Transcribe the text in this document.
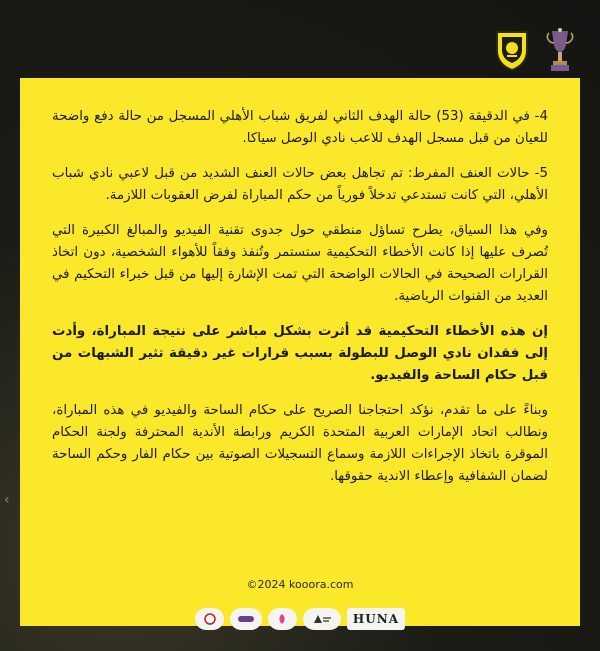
‹

4- في الدقيقة (53) حالة الهدف الثاني لفريق شباب الأهلي المسجل من حالة دفع واضحة للعيان من قبل مسجل الهدف للاعب نادي الوصل سياكا.

5- حالات العنف المفرط: تم تجاهل بعض حالات العنف الشديد من قبل لاعبي نادي شباب الأهلي، التي كانت تستدعي تدخلاً فورياً من حكم المباراة لفرض العقوبات اللازمة.

وفي هذا السياق، يطرح تساؤل منطقي حول جدوى تقنية الفيديو والمبالغ الكبيرة التي تُصرف عليها إذا كانت الأخطاء التحكيمية ستستمر وتُنفذ وفقاً للأهواء الشخصية، دون اتخاذ القرارات الصحيحة في الحالات الواضحة التي تمت الإشارة إليها من قبل خبراء التحكيم في العديد من القنوات الرياضية.

إن هذه الأخطاء التحكيمية قد أثرت بشكل مباشر على نتيجة المباراة، وأدت إلى فقدان نادي الوصل للبطولة بسبب قرارات غير دقيقة تثير الشبهات من قبل حكام الساحة والفيديو.

وبناءً على ما تقدم، نؤكد احتجاجنا الصريح على حكام الساحة والفيديو في هذه المباراة، ونطالب اتحاد الإمارات العربية المتحدة الكريم ورابطة الأندية المحترفة ولجنة الحكام الموقرة باتخاذ الإجراءات اللازمة وسماع التسجيلات الصوتية بين حكام الفار وحكم الساحة لضمان الشفافية وإعطاء الاندية حقوقها.

©2024 kooora.com
HUNA
